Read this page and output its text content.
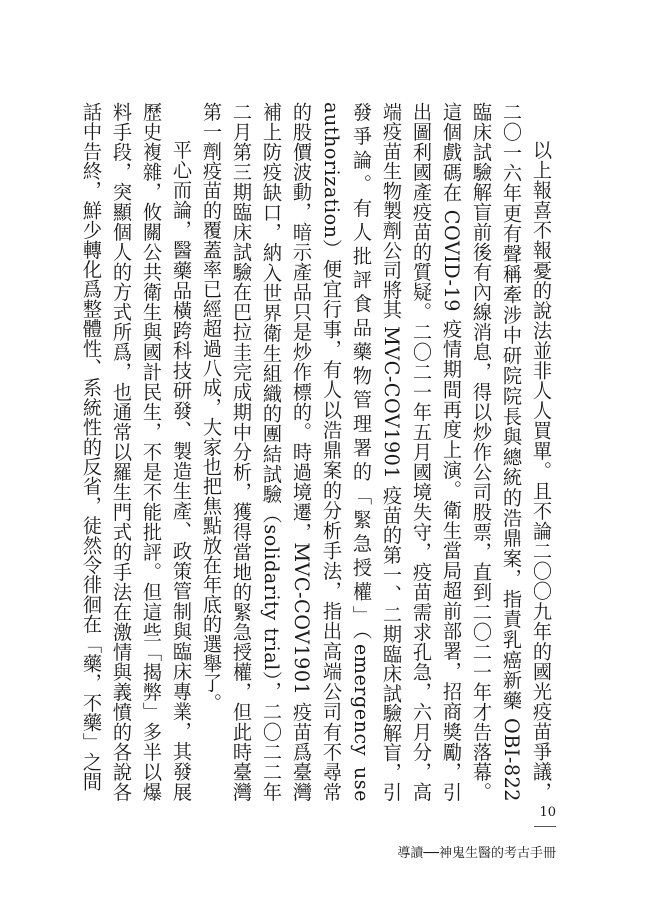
以上報喜不報憂的說法並非人人買單。且不論二〇〇九年的國光疫苗爭議，二〇一六年更有聲稱牽涉中研院院長與總統的浩鼎案，指責乳癌新藥 OBI-822 臨床試驗解盲前後有內線消息，得以炒作公司股票，直到二〇二一年才告落幕。這個戲碼在 COVID-19 疫情期間再度上演。衛生當局超前部署，招商獎勵，引出圖利國產疫苗的質疑。二〇二一年五月國境失守，疫苗需求孔急，六月分，高端疫苗生物製劑公司將其 MVC-COV1901 疫苗的第一、二期臨床試驗解盲，引發爭論。有人批評食品藥物管理署的「緊急授權」（emergency use authorization）便宜行事，有人以浩鼎案的分析手法，指出高端公司有不尋常的股價波動，暗示產品只是炒作標的。時過境遷，MVC-COV1901 疫苗爲臺灣補上防疫缺口，納入世界衛生組織的團結試驗（solidarity trial），二〇二二年二月第三期臨床試驗在巴拉圭完成期中分析，獲得當地的緊急授權，但此時臺灣第一劑疫苗的覆蓋率已經超過八成，大家也把焦點放在年底的選舉了。

平心而論，醫藥品橫跨科技研發、製造生產、政策管制與臨床專業，其發展歷史複雜，攸關公共衛生與國計民生，不是不能批評。但這些「揭弊」多半以爆料手段，突顯個人的方式所爲，也通常以羅生門式的手法在激情與義憤的各說各話中告終，鮮少轉化爲整體性、系統性的反省，徒然令徘徊在「藥，不藥」之間

10
導讀──神鬼生醫的考古手冊
